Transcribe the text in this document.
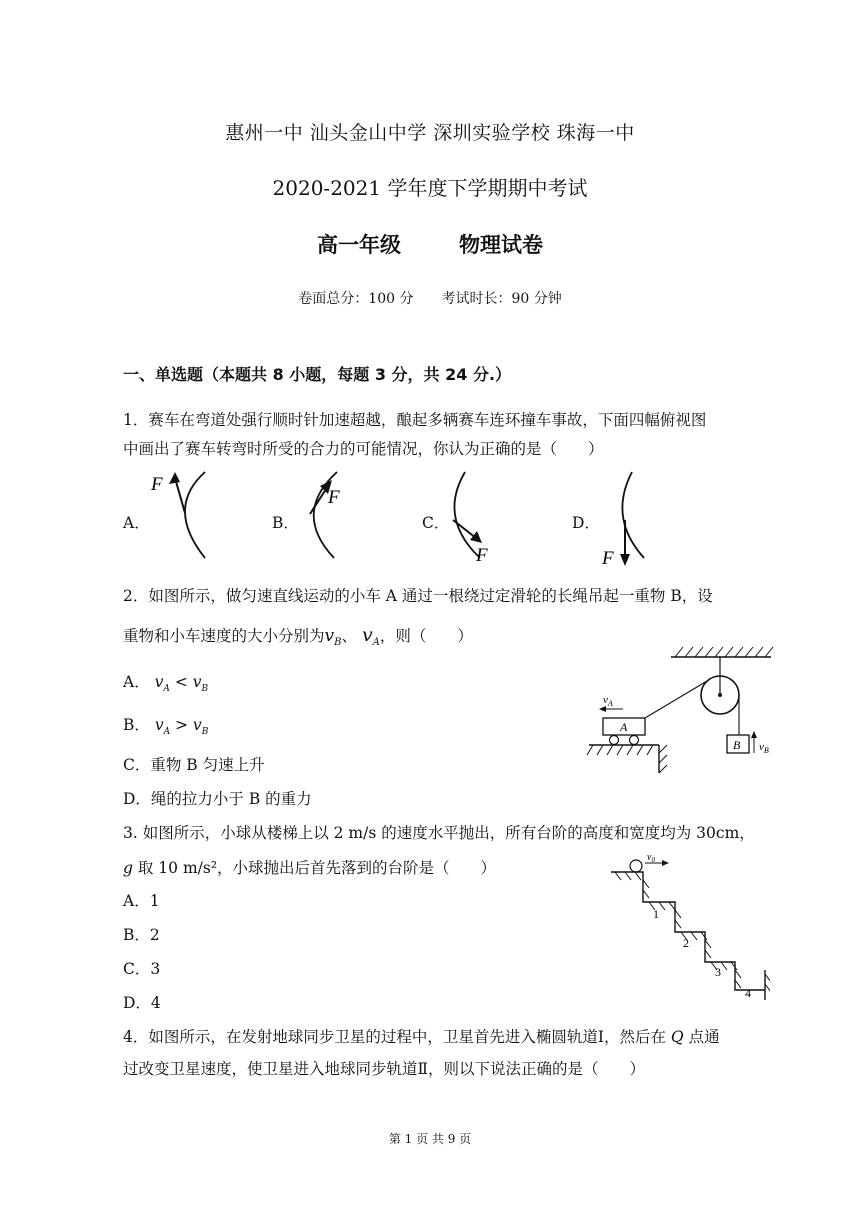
惠州一中 汕头金山中学 深圳实验学校 珠海一中
2020-2021 学年度下学期期中考试
高一年级	物理试卷
卷面总分：100 分 考试时长：90 分钟
一、单选题（本题共 8 小题，每题 3 分，共 24 分.）
1．赛车在弯道处强行顺时针加速超越，酿起多辆赛车连环撞车事故，下面四幅俯视图
中画出了赛车转弯时所受的合力的可能情况，你认为正确的是（　　）
A．	B．	C．	D．
F
F
F	F
2．如图所示，做匀速直线运动的小车 A 通过一根绕过定滑轮的长绳吊起一重物 B，设
重物和小车速度的大小分别为$v_B$、 $v_A$，则（　　）
A． $v_A < v_B$
B． $v_A > v_B$
C．重物 B 匀速上升
D．绳的拉力小于 B 的重力
B $v_B$
A
$v_A$
3. 如图所示，小球从楼梯上以 2 m/s 的速度水平抛出，所有台阶的高度和宽度均为 30cm，
g 取 10 m/s²，小球抛出后首先落到的台阶是（　　）
A．1
B．2
C．3
D．4
$v_0$
1
2
3
4
4．如图所示，在发射地球同步卫星的过程中，卫星首先进入椭圆轨道Ⅰ，然后在 Q 点通
过改变卫星速度，使卫星进入地球同步轨道Ⅱ，则以下说法正确的是（　　）
第 1 页 共 9 页
